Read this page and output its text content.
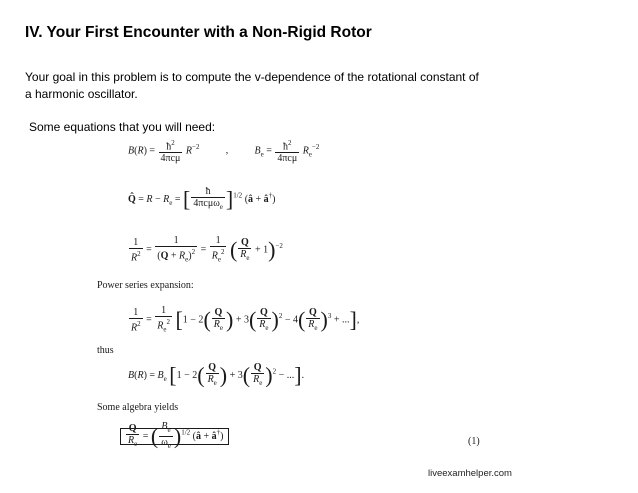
IV. Your First Encounter with a Non-Rigid Rotor
Your goal in this problem is to compute the v-dependence of the rotational constant of
a harmonic oscillator.
Some equations that you will need:
$B(R) = \frac{ħ^2}{\text{4πcμ}} R^{-2}$	,	$B_e = \frac{ħ^2}{\text{4πcμ}} R_e^{-2}$
Q̂ = $R - R_e$ = [ $\frac{ħ}{4\pi c\mu\omega_e} ]^{1/2}$ (â + â†)
$\frac{1}{R^2} = \frac{1}{(Q + R_e)^2} = \frac{1}{R_e^2}$ ( $\frac{Q}{R_e} + 1)^{-2}$
Power series expansion:
$\frac{1}{R^2} = \frac{1}{R_e^2} [1 - 2( \frac{Q}{R_e}$ ) + $3( \frac{Q}{R_e} )^2 - 4( \frac{Q}{R_e} )^3$ + ...],
thus
$B(R) = B_e$ [$1 - 2( \frac{Q}{R_e}$ ) + $3( \frac{Q}{R_e} )^2$ − ...].
Some algebra yields
$\frac{Q}{R_e}$ = ( $\frac{B_e}{\omega_e} )^{1/2}$ (â + â†)	(1)
liveexamhelper.com
